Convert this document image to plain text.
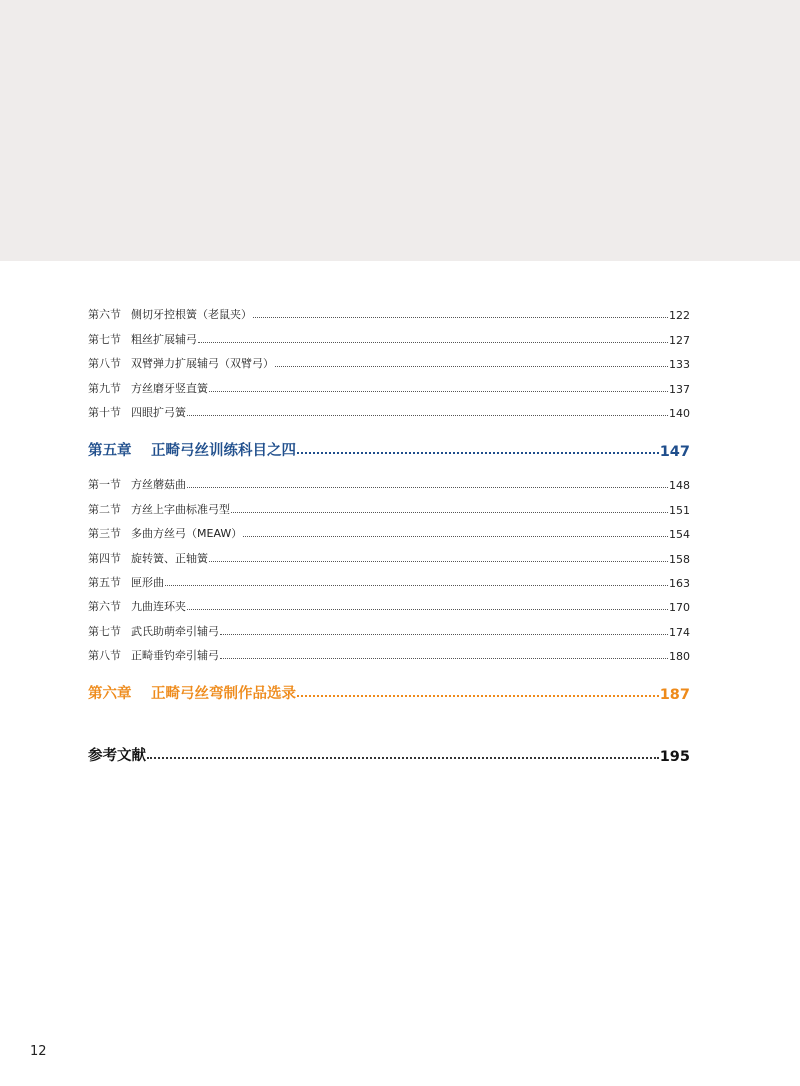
第六节 侧切牙控根簧（老鼠夹）	122
第七节 粗丝扩展辅弓	127
第八节 双臂弹力扩展辅弓（双臂弓）	133
第九节 方丝磨牙竖直簧	137
第十节 四眼扩弓簧	140
第五章	正畸弓丝训练科目之四	147
第一节 方丝蘑菇曲	148
第二节 方丝上字曲标准弓型	151
第三节 多曲方丝弓（MEAW）	154
第四节 旋转簧、正轴簧	158
第五节 匣形曲	163
第六节 九曲连环夹	170
第七节 武氏助萌牵引辅弓	174
第八节 正畸垂钓牵引辅弓	180
第六章	正畸弓丝弯制作品选录	187
参考文献	195
12
